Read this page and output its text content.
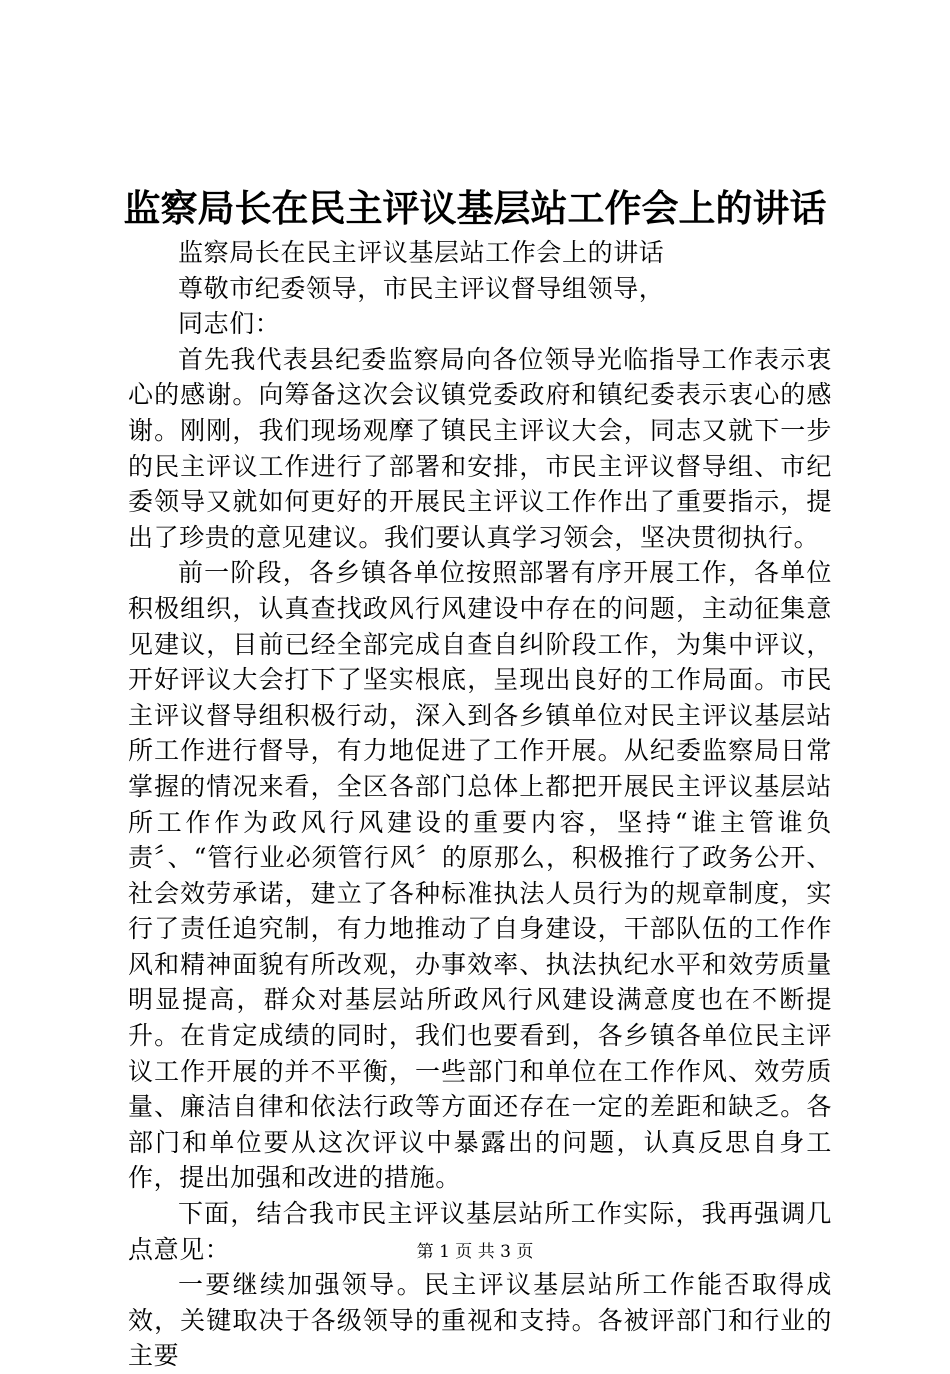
监察局长在民主评议基层站工作会上的讲话

监察局长在民主评议基层站工作会上的讲话

尊敬市纪委领导，市民主评议督导组领导，

同志们：

首先我代表县纪委监察局向各位领导光临指导工作表示衷心的感谢。向筹备这次会议镇党委政府和镇纪委表示衷心的感谢。刚刚，我们现场观摩了镇民主评议大会，同志又就下一步的民主评议工作进行了部署和安排，市民主评议督导组、市纪委领导又就如何更好的开展民主评议工作作出了重要指示，提出了珍贵的意见建议。我们要认真学习领会，坚决贯彻执行。

前一阶段，各乡镇各单位按照部署有序开展工作，各单位积极组织，认真查找政风行风建设中存在的问题，主动征集意见建议，目前已经全部完成自查自纠阶段工作，为集中评议，开好评议大会打下了坚实根底，呈现出良好的工作局面。市民主评议督导组积极行动，深入到各乡镇单位对民主评议基层站所工作进行督导，有力地促进了工作开展。从纪委监察局日常掌握的情况来看，全区各部门总体上都把开展民主评议基层站所工作作为政风行风建设的重要内容，坚持“谁主管谁负责〞、“管行业必须管行风〞的原那么，积极推行了政务公开、社会效劳承诺，建立了各种标准执法人员行为的规章制度，实行了责任追究制，有力地推动了自身建设，干部队伍的工作作风和精神面貌有所改观，办事效率、执法执纪水平和效劳质量明显提高，群众对基层站所政风行风建设满意度也在不断提升。在肯定成绩的同时，我们也要看到，各乡镇各单位民主评议工作开展的并不平衡，一些部门和单位在工作作风、效劳质量、廉洁自律和依法行政等方面还存在一定的差距和缺乏。各部门和单位要从这次评议中暴露出的问题，认真反思自身工作，提出加强和改进的措施。

下面，结合我市民主评议基层站所工作实际，我再强调几点意见：

一要继续加强领导。民主评议基层站所工作能否取得成效，关键取决于各级领导的重视和支持。各被评部门和行业的主要

第 1 页 共 3 页
